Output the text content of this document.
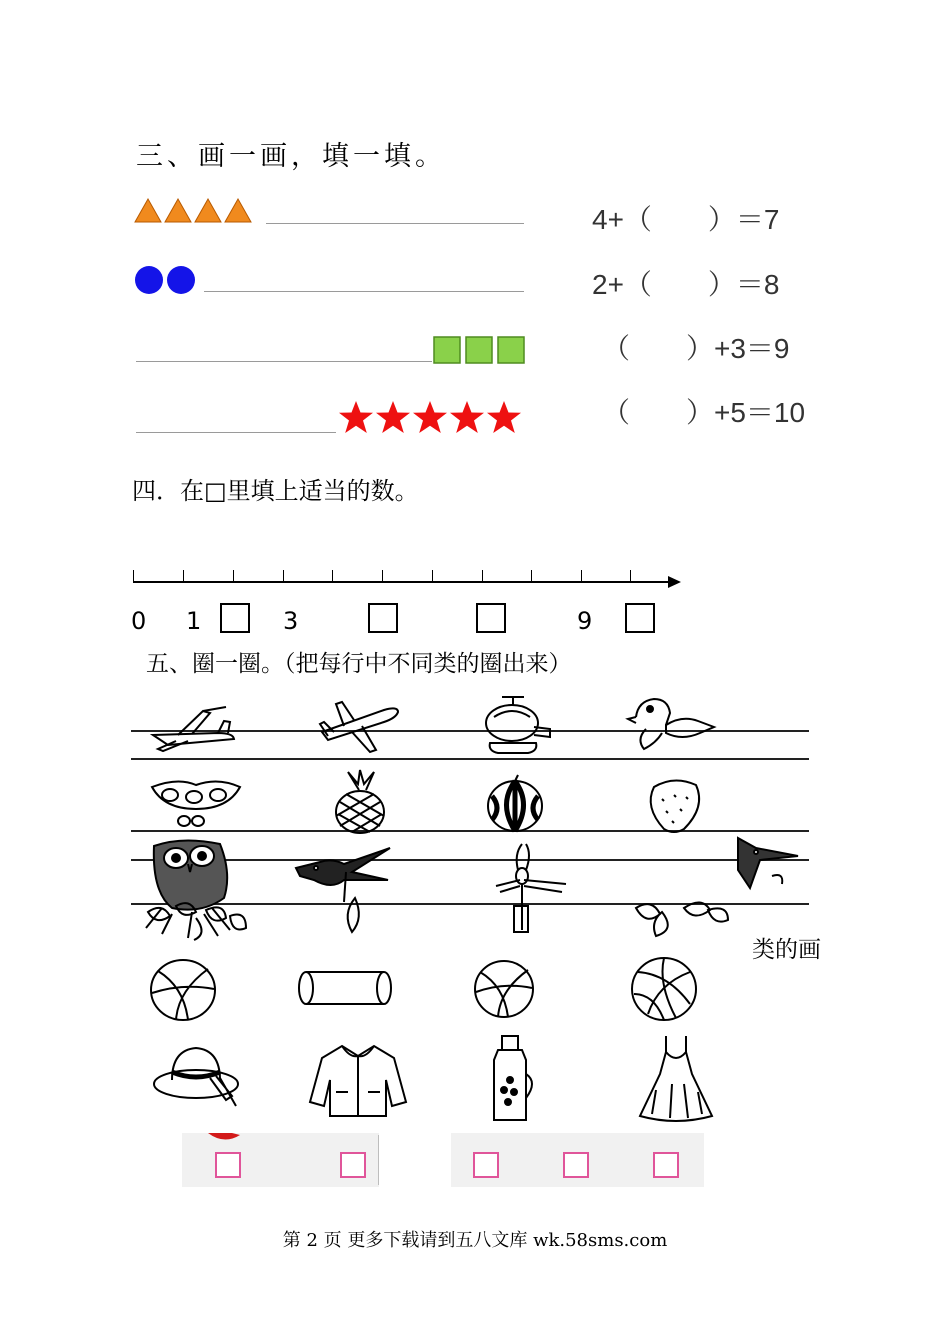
三、画一画，填一填。
4+（　　）＝7
2+（　　）＝8
（　　）+3＝9
（　　）+5＝10
四．在□里填上适当的数。
0 1	3	9
五、圈一圈。（把每行中不同类的圈出来）
类的画
第 2 页 更多下载请到五八文库 wk.58sms.com
